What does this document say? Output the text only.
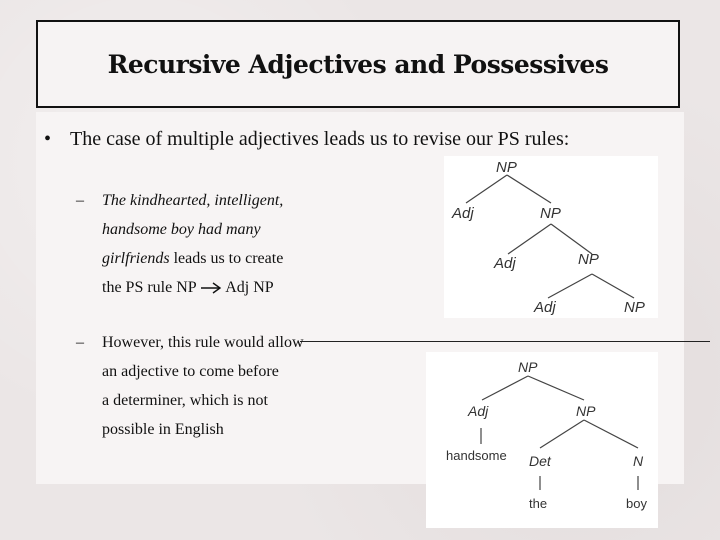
Recursive Adjectives and Possessives
• The case of multiple adjectives leads us to revise our PS rules:
– The kindhearted, intelligent,
handsome boy had many
girlfriends leads us to create
the PS rule NP  Adj NP
– However, this rule would allow
an adjective to come before
a determiner, which is not
possible in English
NP
Adj	NP
Adj	NP
Adj	NP
NP
Adj	NP
handsome Det	N
the	boy
